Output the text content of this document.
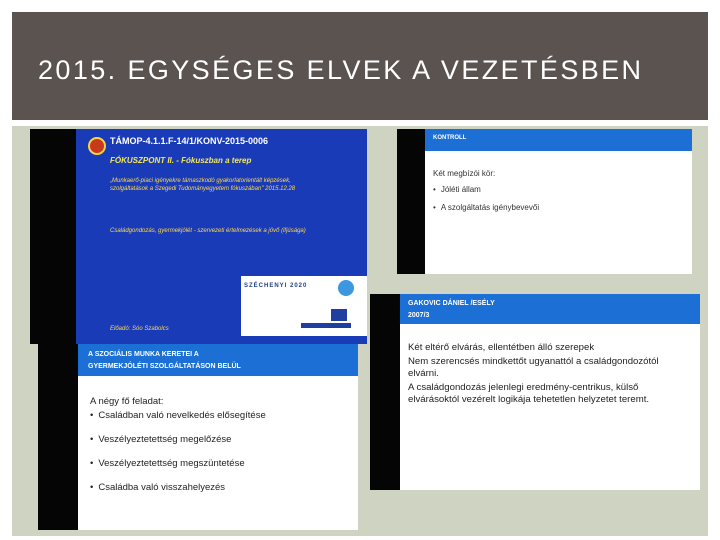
2015. EGYSÉGES ELVEK A VEZETÉSBEN
TÁMOP-4.1.1.F-14/1/KONV-2015-0006
FÓKUSZPONT II. - Fókuszban a terep
„Munkaerő-piaci igényekre támaszkodó gyakorlatorientált képzések, szolgáltatások a Szegedi Tudományegyetem fókuszában" 2015.12.28
Családgondozás, gyermekjólét - szervezeti értelmezések a jövő (ifjúsága)
SZÉCHENYI 2020
Előadó: Sóo Szabolcs
KONTROLL
Két megbízói kör:
• Jóléti állam
• A szolgáltatás igénybevevői
GAKOVIC DÁNIEL /ESÉLY
2007/3
Két eltérő elvárás, ellentétben álló szerepek
Nem szerencsés mindkettőt ugyanattól a családgondozótól elvárni.
A családgondozás jelenlegi eredmény-centrikus, külső elvárásoktól vezérelt logikája tehetetlen helyzetet teremt.
A SZOCIÁLIS MUNKA KERETEI A
GYERMEKJÓLÉTI SZOLGÁLTATÁSON BELÜL
A négy fő feladat:
• Családban való nevelkedés elősegítése
• Veszélyeztetettség megelőzése
• Veszélyeztetettség megszüntetése
• Családba való visszahelyezés
